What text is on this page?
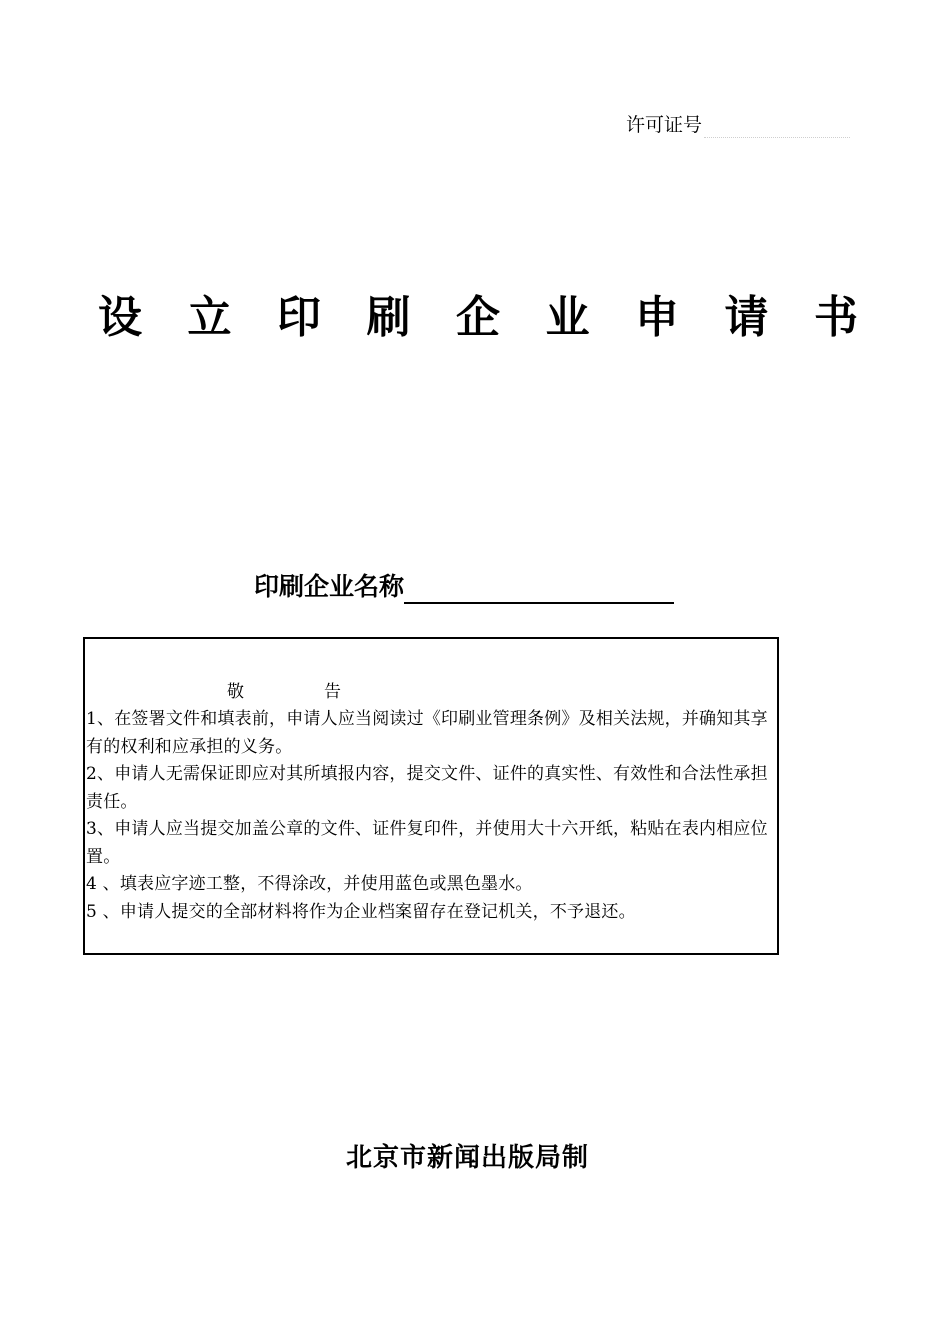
许可证号
设 立 印 刷 企 业 申 请 书
印刷企业名称
敬	告

1、在签署文件和填表前，申请人应当阅读过《印刷业管理条例》及相关法规，并确知其享有的权利和应承担的义务。

2、申请人无需保证即应对其所填报内容，提交文件、证件的真实性、有效性和合法性承担责任。

3、申请人应当提交加盖公章的文件、证件复印件，并使用大十六开纸，粘贴在表内相应位置。

4 、填表应字迹工整，不得涂改，并使用蓝色或黑色墨水。

5 、申请人提交的全部材料将作为企业档案留存在登记机关，不予退还。

北京市新闻出版局制
